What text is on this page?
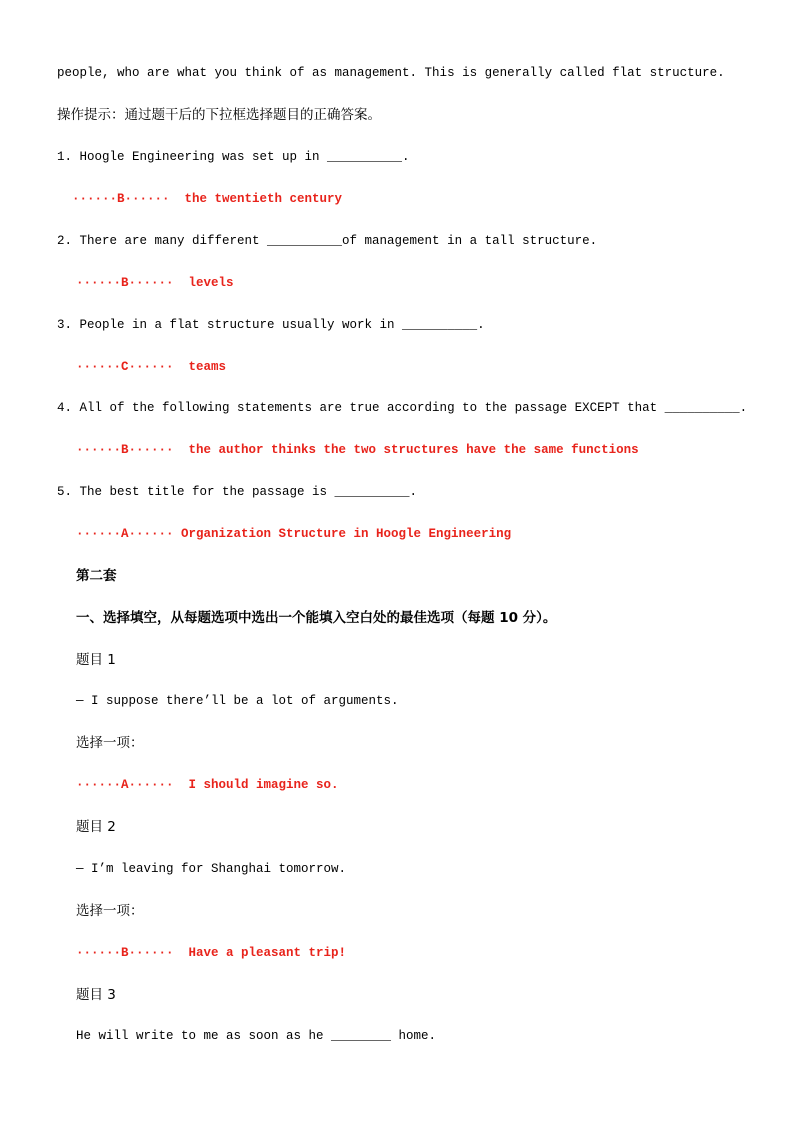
people, who are what you think of as management. This is generally called flat structure.
操作提示：通过题干后的下拉框选择题目的正确答案。
1. Hoogle Engineering was set up in __________.
······B······  the twentieth century
2. There are many different __________of management in a tall structure.
······B······  levels
3. People in a flat structure usually work in __________.
······C······  teams
4. All of the following statements are true according to the passage EXCEPT that __________.
······B······  the author thinks the two structures have the same functions
5. The best title for the passage is __________.
······A······ Organization Structure in Hoogle Engineering
第二套
一、选择填空，从每题选项中选出一个能填入空白处的最佳选项（每题 10 分）。
题目 1
— I suppose there’ll be a lot of arguments.
选择一项：
······A······  I should imagine so.
题目 2
— I’m leaving for Shanghai tomorrow.
选择一项：
······B······  Have a pleasant trip!
题目 3
He will write to me as soon as he ________ home.
